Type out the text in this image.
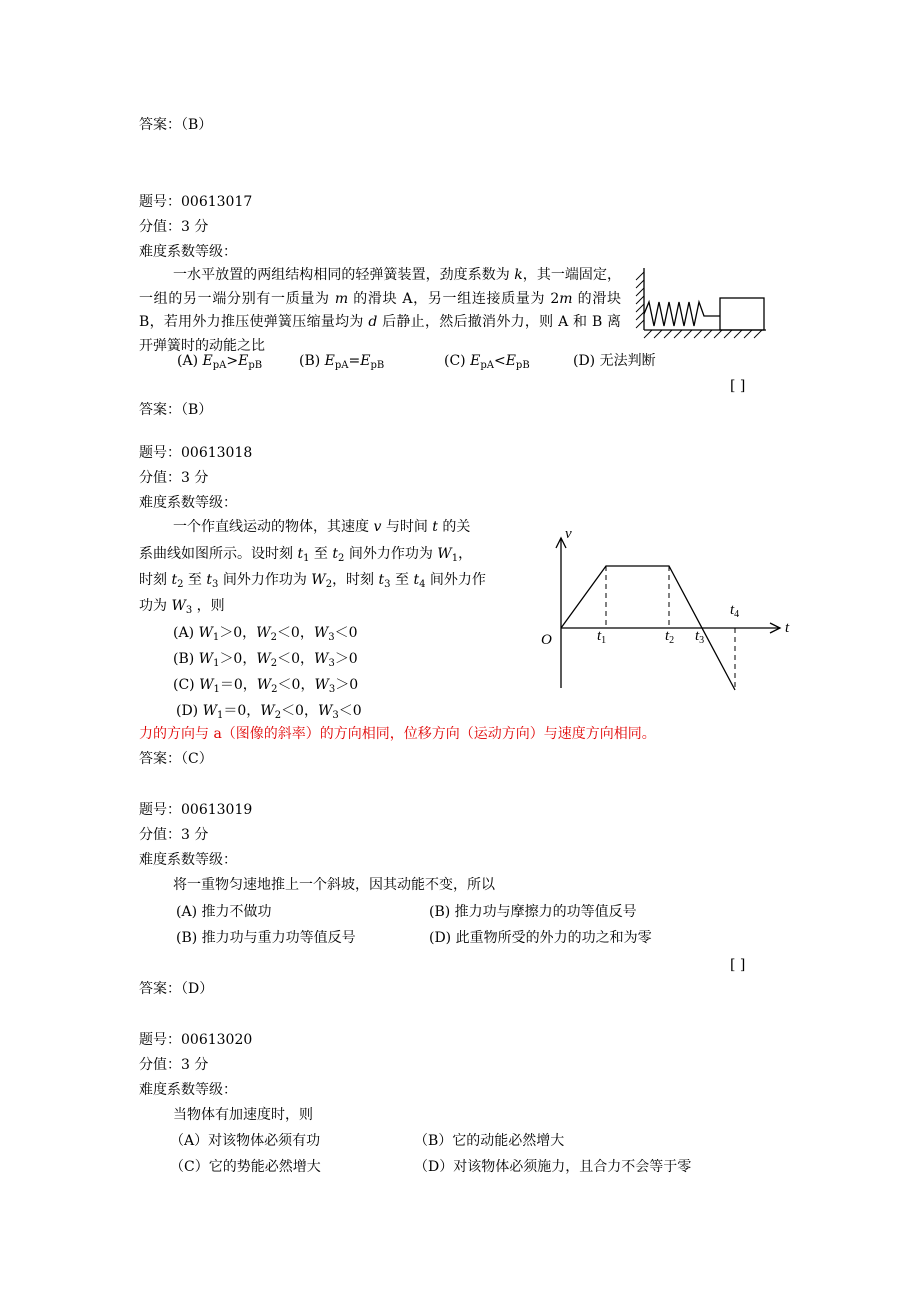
答案：（B）
题号：00613017
分值：3 分
难度系数等级：
一水平放置的两组结构相同的轻弹簧装置，劲度系数为 k，其一端固定，一组的另一端分别有一质量为 m 的滑块 A，另一组连接质量为 2m 的滑块 B，若用外力推压使弹簧压缩量均为 d 后静止，然后撤消外力，则 A 和 B 离开弹簧时的动能之比
(A) $E_{pA}>E_{pB}$	(B) $E_{pA}=E_{pB}$	(C) $E_{pA}<E_{pB}$	(D) 无法判断
[ ]
答案：（B）
题号：00613018
分值：3 分
难度系数等级：
一个作直线运动的物体，其速度 v 与时间 t 的关
系曲线如图所示。设时刻 $t_1$ 至 $t_2$ 间外力作功为 $W_1$，
时刻 $t_2$ 至 $t_3$ 间外力作功为 $W_2$，时刻 $t_3$ 至 $t_4$ 间外力作
功为 $W_3$ ，则
(A) $W_1>0$，$W_2<0$，$W_3<0$
(B) $W_1>0$，$W_2<0$，$W_3>0$
(C) $W_1=0$，$W_2<0$，$W_3>0$
(D) $W_1=0$，$W_2<0$，$W_3<0$
v
t
O	$t_1$	$t_2$ $t_3$
$t_4$
力的方向与 a（图像的斜率）的方向相同，位移方向（运动方向）与速度方向相同。
答案：（C）
题号：00613019
分值：3 分
难度系数等级：
将一重物匀速地推上一个斜坡，因其动能不变，所以
(A) 推力不做功	(B) 推力功与摩擦力的功等值反号
(B) 推力功与重力功等值反号	(D) 此重物所受的外力的功之和为零
[ ]
答案：（D）
题号：00613020
分值：3 分
难度系数等级：
当物体有加速度时，则
（A）对该物体必须有功	（B）它的动能必然增大
（C）它的势能必然增大	（D）对该物体必须施力，且合力不会等于零
